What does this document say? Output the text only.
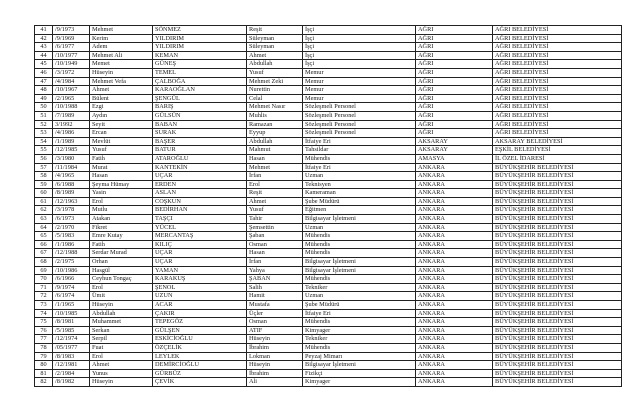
41	/9/1973	Mehmet	SÖNMEZ	Reşit	İşçi	AĞRI	AĞRI BELEDİYESİ
42	/9/1969	Kerim	YILDIRIM	Süleyman	İşçi	AĞRI	AĞRI BELEDİYESİ
43	/6/1977	Adem	YILDIRIM	Süleyman	İşçi	AĞRI	AĞRI BELEDİYESİ
44	/10/1977	Mehmet Ali	KEMAN	Ahmet	İşçi	AĞRI	AĞRI BELEDİYESİ
45	/10/1949	Memet	GÜNEŞ	Abdullah	İşçi	AĞRI	AĞRI BELEDİYESİ
46	/3/1972	Hüseyin	TEMEL	Yusuf	Memur	AĞRI	AĞRI BELEDİYESİ
47	/4/1984	Mehmet Vefa	ÇALBOĞA	Mehmet Zeki	Memur	AĞRI	AĞRI BELEDİYESİ
48	/10/1967	Ahmet	KARAOĞLAN	Nurettin	Memur	AĞRI	AĞRI BELEDİYESİ
49	/2/1965	Bülent	ŞENGÜL	Celal	Memur	AĞRI	AĞRI BELEDİYESİ
50	/10/1988	Ezgi	BARIŞ	Mehmet Nasır	Sözleşmeli Personel	AĞRI	AĞRI BELEDİYESİ
51	/7/1989	Aydın	GÜLSÜN	Muhlis	Sözleşmeli Personel	AĞRI	AĞRI BELEDİYESİ
52	3/1992	Seyit	BABAN	Ramazan	Sözleşmeli Personel	AĞRI	AĞRI BELEDİYESİ
53	/4/1986	Ercan	SURAK	Eyyup	Sözleşmeli Personel	AĞRI	AĞRI BELEDİYESİ
54	/1/1989	Mevlüt	BAŞER	Abdullah	İtfaiye Eri	AKSARAY	AKSARAY BELEDİYESİ
55	/12/1985	Yusuf	BATUR	Mahmut	Tahsildar	AKSARAY	EŞKİL BELEDİYESİ
56	/3/1980	Fatih	ATAROĞLU	Hasan	Mühendis	AMASYA	İL ÖZEL İDARESİ
57	/11/1984	Murat	KANTEKİN	Mehmet	İtfaiye Eri	ANKARA	BÜYÜKŞEHİR BELEDİYESİ
58	/4/1965	Hasan	UÇAR	İrfan	Uzman	ANKARA	BÜYÜKŞEHİR BELEDİYESİ
59	/6/1988	Şeyma Hümay	ERDEN	Erol	Teknisyen	ANKARA	BÜYÜKŞEHİR BELEDİYESİ
60	/8/1989	Yasin	ASLAN	Reşit	Kameraman	ANKARA	BÜYÜKŞEHİR BELEDİYESİ
61	/12/1963	Erol	COŞKUN	Ahmet	Şube Müdürü	ANKARA	BÜYÜKŞEHİR BELEDİYESİ
62	/3/1978	Mutlu	BEDİRHAN	Yusuf	Eğitmen	ANKARA	BÜYÜKŞEHİR BELEDİYESİ
63	/6/1973	Atakan	TAŞÇI	Tahir	Bilgisayar İşletmeni	ANKARA	BÜYÜKŞEHİR BELEDİYESİ
64	/2/1970	Fikret	YÜCEL	Şemsettin	Uzman	ANKARA	BÜYÜKŞEHİR BELEDİYESİ
65	/5/1983	Emre Kutay	MERCANTAŞ	Şaban	Mühendis	ANKARA	BÜYÜKŞEHİR BELEDİYESİ
66	/1/1986	Fatih	KILIÇ	Osman	Mühendis	ANKARA	BÜYÜKŞEHİR BELEDİYESİ
67	/12/1988	Serdar Murad	UÇAR	Hasan	Mühendis	ANKARA	BÜYÜKŞEHİR BELEDİYESİ
68	/2/1975	Orhan	UÇAR	İrfan	Bilgisayar İşletmeni	ANKARA	BÜYÜKŞEHİR BELEDİYESİ
69	/10/1986	Hasgül	YAMAN	Yahya	Bilgisayar İşletmeni	ANKARA	BÜYÜKŞEHİR BELEDİYESİ
70	/6/1966	Ceyhun Tongaç	KARAKUŞ	ŞABAN	Mühendis	ANKARA	BÜYÜKŞEHİR BELEDİYESİ
71	/9/1974	Erol	ŞENOL	Salih	Tekniker	ANKARA	BÜYÜKŞEHİR BELEDİYESİ
72	/6/1974	Ümit	UZUN	Hamit	Uzman	ANKARA	BÜYÜKŞEHİR BELEDİYESİ
73	/1/1965	Hüseyin	ACAR	Mustafa	Şube Müdürü	ANKARA	BÜYÜKŞEHİR BELEDİYESİ
74	/10/1985	Abdullah	ÇAKIR	Üçler	İtfaiye Eri	ANKARA	BÜYÜKŞEHİR BELEDİYESİ
75	/8/1981	Muhammet	TEPEGÖZ	Osman	Mühendis	ANKARA	BÜYÜKŞEHİR BELEDİYESİ
76	/5/1985	Serkan	GÜLŞEN	ATIF	Kimyager	ANKARA	BÜYÜKŞEHİR BELEDİYESİ
77	/12/1974	Serpil	ESKİCİOĞLU	Hüseyin	Tekniker	ANKARA	BÜYÜKŞEHİR BELEDİYESİ
78	/05/1977	Fuat	ÖZÇELİK	İbrahim	Mühendis	ANKARA	BÜYÜKŞEHİR BELEDİYESİ
79	/8/1983	Erol	LEYLEK	Lokman	Peyzaj Mimarı	ANKARA	BÜYÜKŞEHİR BELEDİYESİ
80	/12/1981	Ahmet	DEMİRCİOĞLU	Hüseyin	Bilgisayar İşletmeni	ANKARA	BÜYÜKŞEHİR BELEDİYESİ
81	/2/1984	Yunus	GÜRBÜZ	İbrahim	Fizikçi	ANKARA	BÜYÜKŞEHİR BELEDİYESİ
82	/8/1982	Hüseyin	ÇEVİK	Ali	Kimyager	ANKARA	BÜYÜKŞEHİR BELEDİYESİ
